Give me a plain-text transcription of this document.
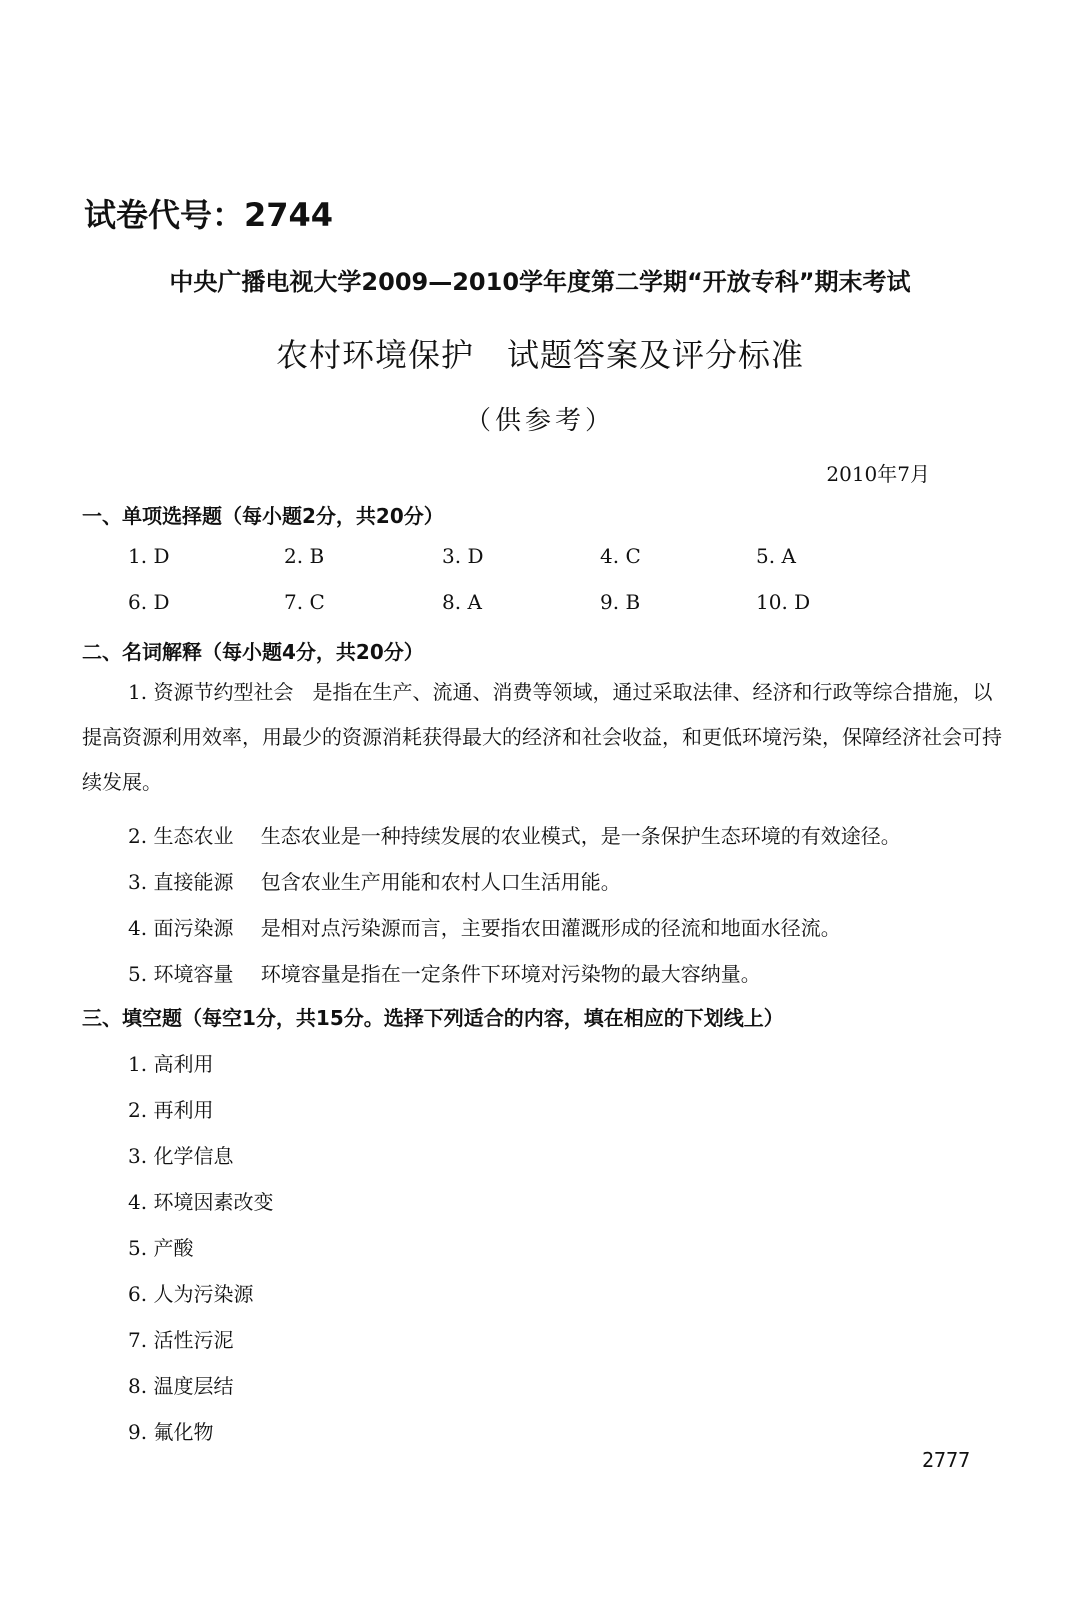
试卷代号：2744
中央广播电视大学2009—2010学年度第二学期“开放专科”期末考试
农村环境保护　试题答案及评分标准
（供参考）
2010年7月
一、单项选择题（每小题2分，共20分）
1. D	2. B	3. D	4. C	5. A
6. D	7. C	8. A	9. B	10. D
二、名词解释（每小题4分，共20分）
1. 资源节约型社会 是指在生产、流通、消费等领域，通过采取法律、经济和行政等综合措施，以提高资源利用效率，用最少的资源消耗获得最大的经济和社会收益，和更低环境污染，保障经济社会可持续发展。
2. 生态农业 生态农业是一种持续发展的农业模式，是一条保护生态环境的有效途径。
3. 直接能源 包含农业生产用能和农村人口生活用能。
4. 面污染源 是相对点污染源而言，主要指农田灌溉形成的径流和地面水径流。
5. 环境容量 环境容量是指在一定条件下环境对污染物的最大容纳量。
三、填空题（每空1分，共15分。选择下列适合的内容，填在相应的下划线上）
1. 高利用
2. 再利用
3. 化学信息
4. 环境因素改变
5. 产酸
6. 人为污染源
7. 活性污泥
8. 温度层结
9. 氟化物
2777
